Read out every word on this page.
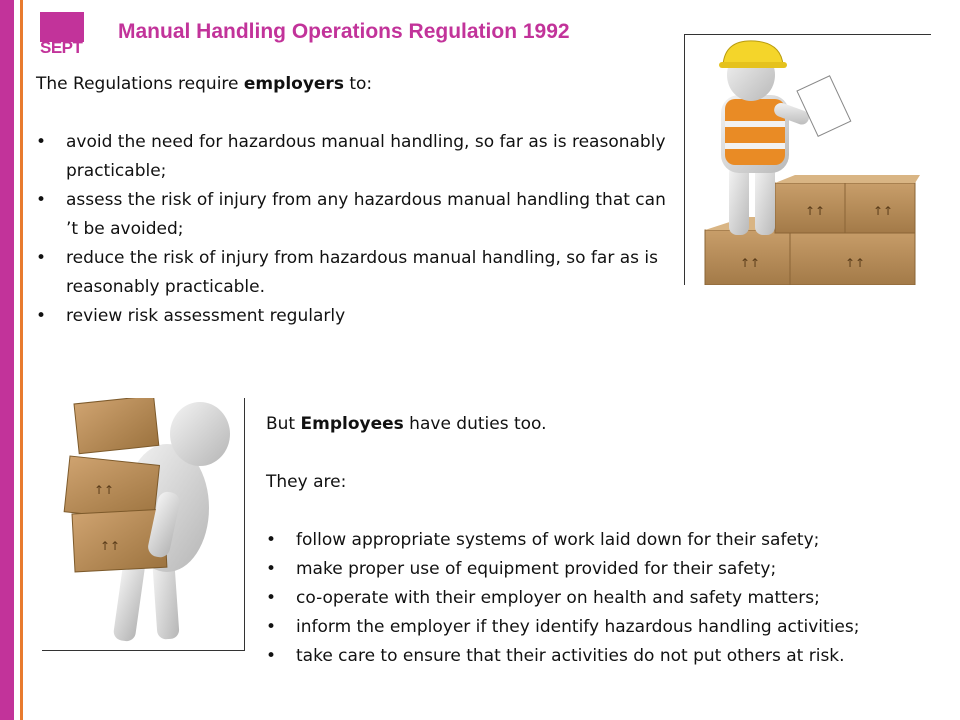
SEPT
Manual Handling Operations Regulation 1992

The Regulations require employers to:

• avoid the need for hazardous manual handling, so far as is reasonably practicable;
• assess the risk of injury from any hazardous manual handling that can ’t be avoided;
• reduce the risk of injury from hazardous manual handling, so far as is reasonably practicable.
• review risk assessment regularly
↑↑	↑↑
↑↑	↑↑
↑↑
↑↑

But Employees have duties too.

They are:

• follow appropriate systems of work laid down for their safety;
• make proper use of equipment provided for their safety;
• co-operate with their employer on health and safety matters;
• inform the employer if they identify hazardous handling activities;
• take care to ensure that their activities do not put others at risk.
